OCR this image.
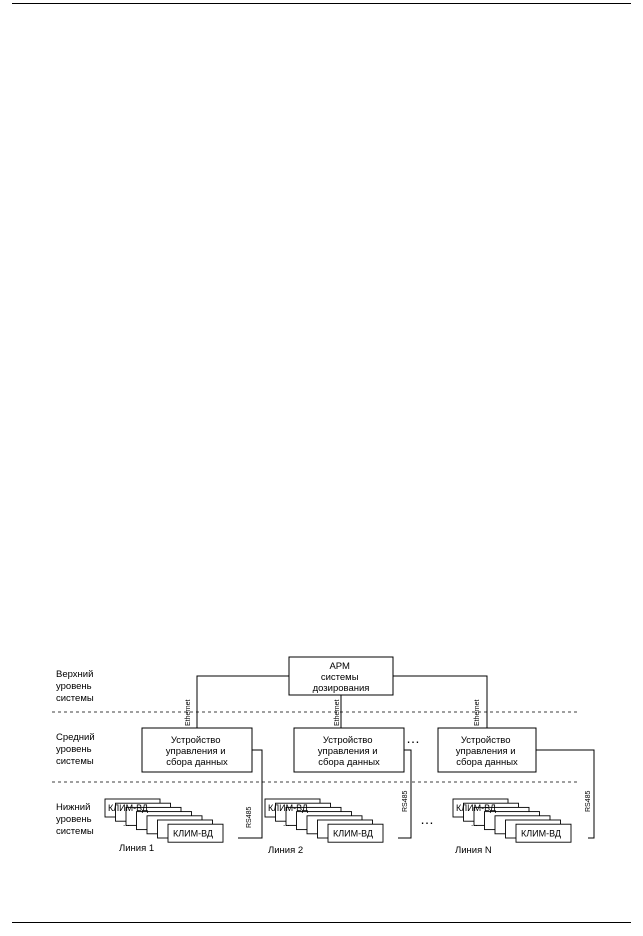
Верхний уровень системы
Средний уровень системы
Нижний уровень системы
АРМ системы дозирования
Ethernet	Ethernet	Ethernet
Устройство управления и сбора данных
Устройство управления и сбора данных
Устройство управления и сбора данных
…
RS485
RS485	RS485
…
КЛИМ-ВД
...
КЛИМ-ВД
КЛИМ-ВД
...
КЛИМ-ВД
КЛИМ-ВД
...
КЛИМ-ВД
Линия 1	Линия 2	Линия N
